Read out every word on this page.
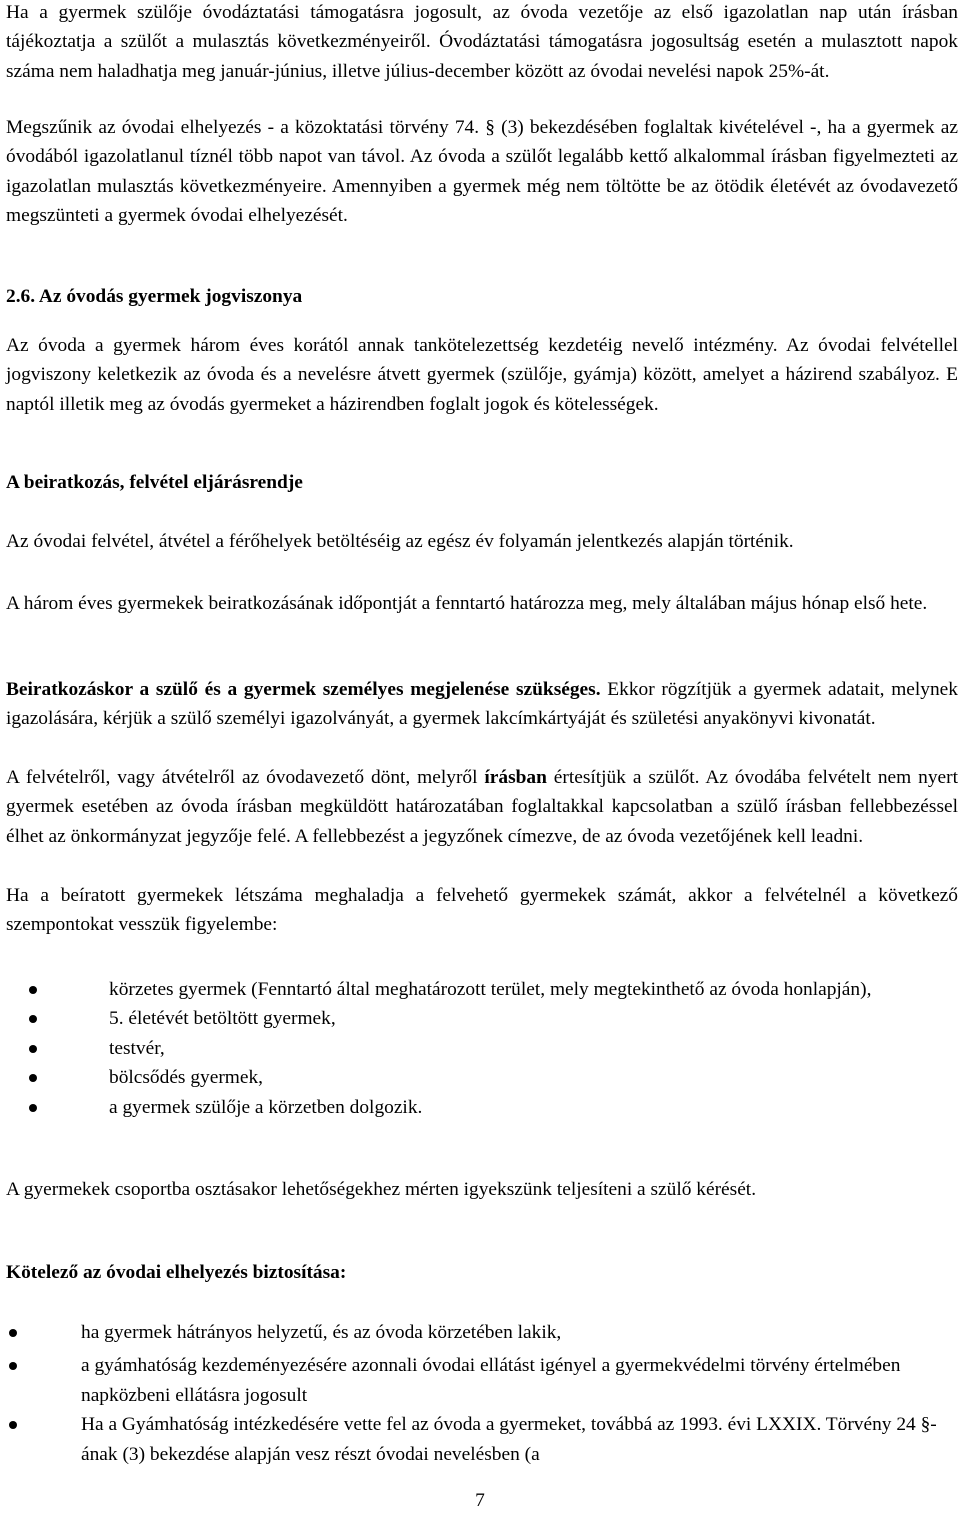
Ha a gyermek szülője óvodáztatási támogatásra jogosult, az óvoda vezetője az első igazolatlan nap után írásban tájékoztatja a szülőt a mulasztás következményeiről. Óvodáztatási támogatásra jogosultság esetén a mulasztott napok száma nem haladhatja meg január-június, illetve július-december között az óvodai nevelési napok 25%-át.

Megszűnik az óvodai elhelyezés - a közoktatási törvény 74. § (3) bekezdésében foglaltak kivételével -, ha a gyermek az óvodából igazolatlanul tíznél több napot van távol. Az óvoda a szülőt legalább kettő alkalommal írásban figyelmezteti az igazolatlan mulasztás következményeire. Amennyiben a gyermek még nem töltötte be az ötödik életévét az óvodavezető megszünteti a gyermek óvodai elhelyezését.

2.6. Az óvodás gyermek jogviszonya

Az óvoda a gyermek három éves korától annak tankötelezettség kezdetéig nevelő intézmény. Az óvodai felvétellel jogviszony keletkezik az óvoda és a nevelésre átvett gyermek (szülője, gyámja) között, amelyet a házirend szabályoz. E naptól illetik meg az óvodás gyermeket a házirendben foglalt jogok és kötelességek.

A beiratkozás, felvétel eljárásrendje

Az óvodai felvétel, átvétel a férőhelyek betöltéséig az egész év folyamán jelentkezés alapján történik.

A három éves gyermekek beiratkozásának időpontját a fenntartó határozza meg, mely általában május hónap első hete.

Beiratkozáskor a szülő és a gyermek személyes megjelenése szükséges. Ekkor rögzítjük a gyermek adatait, melynek igazolására, kérjük a szülő személyi igazolványát, a gyermek lakcímkártyáját és születési anyakönyvi kivonatát.

A felvételről, vagy átvételről az óvodavezető dönt, melyről írásban értesítjük a szülőt. Az óvodába felvételt nem nyert gyermek esetében az óvoda írásban megküldött határozatában foglaltakkal kapcsolatban a szülő írásban fellebbezéssel élhet az önkormányzat jegyzője felé. A fellebbezést a jegyzőnek címezve, de az óvoda vezetőjének kell leadni.

Ha a beíratott gyermekek létszáma meghaladja a felvehető gyermekek számát, akkor a felvételnél a következő szempontokat vesszük figyelembe:

körzetes gyermek (Fenntartó által meghatározott terület, mely megtekinthető az óvoda honlapján),
5. életévét betöltött gyermek,
testvér,
bölcsődés gyermek,
a gyermek szülője a körzetben dolgozik.

A gyermekek csoportba osztásakor lehetőségekhez mérten igyekszünk teljesíteni a szülő kérését.

Kötelező az óvodai elhelyezés biztosítása:

ha gyermek hátrányos helyzetű, és az óvoda körzetében lakik,
a gyámhatóság kezdeményezésére azonnali óvodai ellátást igényel a gyermekvédelmi törvény értelmében napközbeni ellátásra jogosult
Ha a Gyámhatóság intézkedésére vette fel az óvoda a gyermeket, továbbá az 1993. évi LXXIX. Törvény 24 §-ának (3) bekezdése alapján vesz részt óvodai nevelésben (a
7
